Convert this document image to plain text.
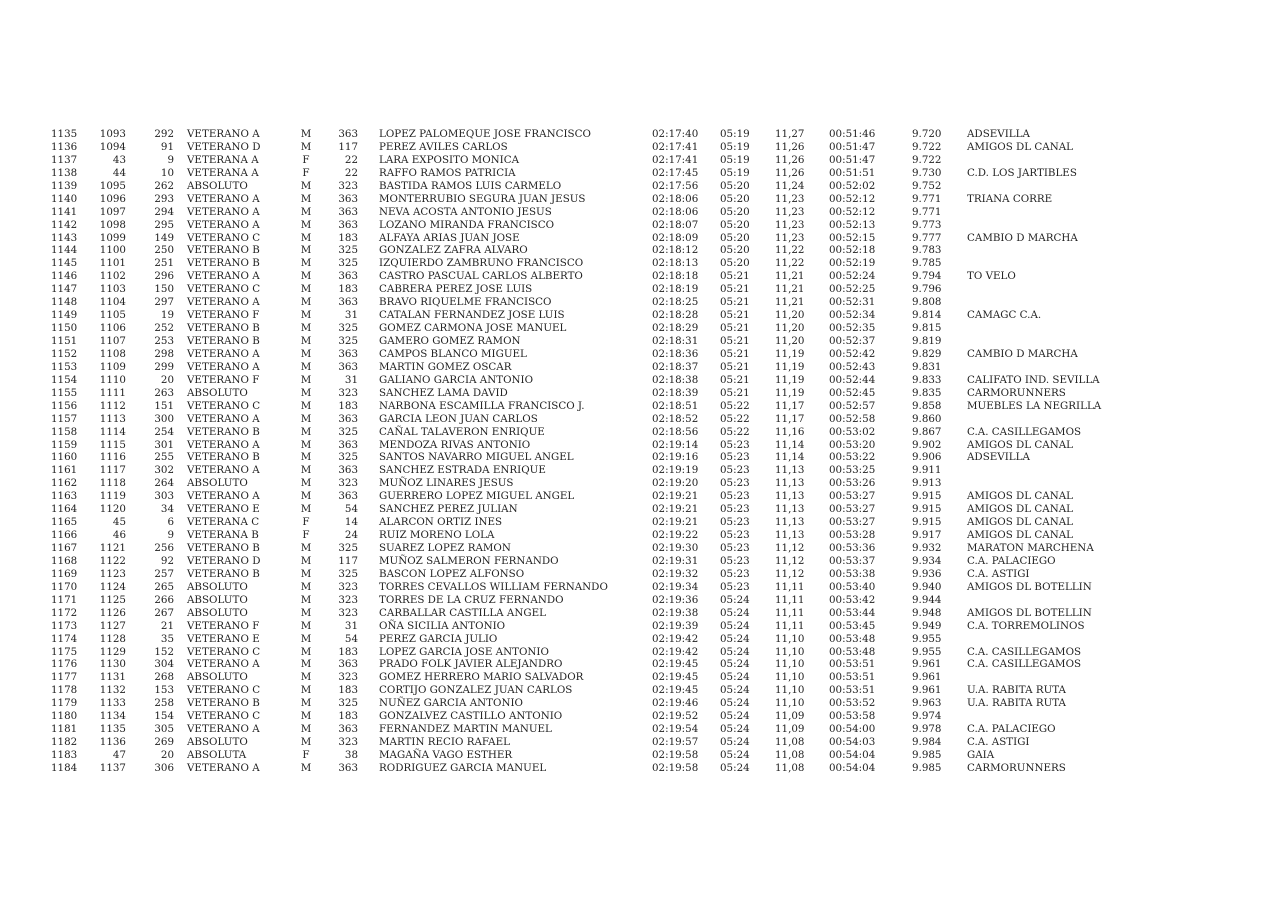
1135	1093	292 VETERANO A	M	363 LOPEZ PALOMEQUE JOSE FRANCISCO	02:17:40 05:19 11,27 00:51:46	9.720 ADSEVILLA
1136	1094	91 VETERANO D	M	117 PEREZ AVILES CARLOS	02:17:41 05:19 11,26 00:51:47	9.722 AMIGOS DL CANAL
1137	43	9 VETERANA A	F	22 LARA EXPOSITO MONICA	02:17:41 05:19 11,26 00:51:47	9.722
1138	44	10 VETERANA A	F	22 RAFFO RAMOS PATRICIA	02:17:45 05:19 11,26 00:51:51	9.730 C.D. LOS JARTIBLES
1139	1095	262 ABSOLUTO	M	323 BASTIDA RAMOS LUIS CARMELO	02:17:56 05:20 11,24 00:52:02	9.752
1140	1096	293 VETERANO A	M	363 MONTERRUBIO SEGURA JUAN JESUS	02:18:06 05:20 11,23 00:52:12	9.771 TRIANA CORRE
1141	1097	294 VETERANO A	M	363 NEVA ACOSTA ANTONIO JESUS	02:18:06 05:20 11,23 00:52:12	9.771
1142	1098	295 VETERANO A	M	363 LOZANO MIRANDA FRANCISCO	02:18:07 05:20 11,23 00:52:13	9.773
1143	1099	149 VETERANO C	M	183 ALFAYA ARIAS JUAN JOSE	02:18:09 05:20 11,23 00:52:15	9.777 CAMBIO D MARCHA
1144	1100	250 VETERANO B	M	325 GONZALEZ ZAFRA ALVARO	02:18:12 05:20 11,22 00:52:18	9.783
1145	1101	251 VETERANO B	M	325 IZQUIERDO ZAMBRUNO FRANCISCO	02:18:13 05:20 11,22 00:52:19	9.785
1146	1102	296 VETERANO A	M	363 CASTRO PASCUAL CARLOS ALBERTO	02:18:18 05:21 11,21 00:52:24	9.794 TO VELO
1147	1103	150 VETERANO C	M	183 CABRERA PEREZ JOSE LUIS	02:18:19 05:21 11,21 00:52:25	9.796
1148	1104	297 VETERANO A	M	363 BRAVO RIQUELME FRANCISCO	02:18:25 05:21 11,21 00:52:31	9.808
1149	1105	19 VETERANO F	M	31 CATALAN FERNANDEZ JOSE LUIS	02:18:28 05:21 11,20 00:52:34	9.814 CAMAGC C.A.
1150	1106	252 VETERANO B	M	325 GOMEZ CARMONA JOSE MANUEL	02:18:29 05:21 11,20 00:52:35	9.815
1151	1107	253 VETERANO B	M	325 GAMERO GOMEZ RAMON	02:18:31 05:21 11,20 00:52:37	9.819
1152	1108	298 VETERANO A	M	363 CAMPOS BLANCO MIGUEL	02:18:36 05:21 11,19 00:52:42	9.829 CAMBIO D MARCHA
1153	1109	299 VETERANO A	M	363 MARTIN GOMEZ OSCAR	02:18:37 05:21 11,19 00:52:43	9.831
1154	1110	20 VETERANO F	M	31 GALIANO GARCIA ANTONIO	02:18:38 05:21 11,19 00:52:44	9.833 CALIFATO IND. SEVILLA
1155	1111	263 ABSOLUTO	M	323 SANCHEZ LAMA DAVID	02:18:39 05:21 11,19 00:52:45	9.835 CARMORUNNERS
1156	1112	151 VETERANO C	M	183 NARBONA ESCAMILLA FRANCISCO J.	02:18:51 05:22 11,17 00:52:57	9.858 MUEBLES LA NEGRILLA
1157	1113	300 VETERANO A	M	363 GARCIA LEON JUAN CARLOS	02:18:52 05:22 11,17 00:52:58	9.860
1158	1114	254 VETERANO B	M	325 CAÑAL TALAVERON ENRIQUE	02:18:56 05:22 11,16 00:53:02	9.867 C.A. CASILLEGAMOS
1159	1115	301 VETERANO A	M	363 MENDOZA RIVAS ANTONIO	02:19:14 05:23 11,14 00:53:20	9.902 AMIGOS DL CANAL
1160	1116	255 VETERANO B	M	325 SANTOS NAVARRO MIGUEL ANGEL	02:19:16 05:23 11,14 00:53:22	9.906 ADSEVILLA
1161	1117	302 VETERANO A	M	363 SANCHEZ ESTRADA ENRIQUE	02:19:19 05:23 11,13 00:53:25	9.911
1162	1118	264 ABSOLUTO	M	323 MUÑOZ LINARES JESUS	02:19:20 05:23 11,13 00:53:26	9.913
1163	1119	303 VETERANO A	M	363 GUERRERO LOPEZ MIGUEL ANGEL	02:19:21 05:23 11,13 00:53:27	9.915 AMIGOS DL CANAL
1164	1120	34 VETERANO E	M	54 SANCHEZ PEREZ JULIAN	02:19:21 05:23 11,13 00:53:27	9.915 AMIGOS DL CANAL
1165	45	6 VETERANA C	F	14 ALARCON ORTIZ INES	02:19:21 05:23 11,13 00:53:27	9.915 AMIGOS DL CANAL
1166	46	9 VETERANA B	F	24 RUIZ MORENO LOLA	02:19:22 05:23 11,13 00:53:28	9.917 AMIGOS DL CANAL
1167	1121	256 VETERANO B	M	325 SUAREZ LOPEZ RAMON	02:19:30 05:23 11,12 00:53:36	9.932 MARATON MARCHENA
1168	1122	92 VETERANO D	M	117 MUÑOZ SALMERON FERNANDO	02:19:31 05:23 11,12 00:53:37	9.934 C.A. PALACIEGO
1169	1123	257 VETERANO B	M	325 BASCON LOPEZ ALFONSO	02:19:32 05:23 11,12 00:53:38	9.936 C.A. ASTIGI
1170	1124	265 ABSOLUTO	M	323 TORRES CEVALLOS WILLIAM FERNANDO	02:19:34 05:23 11,11 00:53:40	9.940 AMIGOS DL BOTELLIN
1171	1125	266 ABSOLUTO	M	323 TORRES DE LA CRUZ FERNANDO	02:19:36 05:24 11,11 00:53:42	9.944
1172	1126	267 ABSOLUTO	M	323 CARBALLAR CASTILLA ANGEL	02:19:38 05:24 11,11 00:53:44	9.948 AMIGOS DL BOTELLIN
1173	1127	21 VETERANO F	M	31 OÑA SICILIA ANTONIO	02:19:39 05:24 11,11 00:53:45	9.949 C.A. TORREMOLINOS
1174	1128	35 VETERANO E	M	54 PEREZ GARCIA JULIO	02:19:42 05:24 11,10 00:53:48	9.955
1175	1129	152 VETERANO C	M	183 LOPEZ GARCIA JOSE ANTONIO	02:19:42 05:24 11,10 00:53:48	9.955 C.A. CASILLEGAMOS
1176	1130	304 VETERANO A	M	363 PRADO FOLK JAVIER ALEJANDRO	02:19:45 05:24 11,10 00:53:51	9.961 C.A. CASILLEGAMOS
1177	1131	268 ABSOLUTO	M	323 GOMEZ HERRERO MARIO SALVADOR	02:19:45 05:24 11,10 00:53:51	9.961
1178	1132	153 VETERANO C	M	183 CORTIJO GONZALEZ JUAN CARLOS	02:19:45 05:24 11,10 00:53:51	9.961 U.A. RABITA RUTA
1179	1133	258 VETERANO B	M	325 NUÑEZ GARCIA ANTONIO	02:19:46 05:24 11,10 00:53:52	9.963 U.A. RABITA RUTA
1180	1134	154 VETERANO C	M	183 GONZALVEZ CASTILLO ANTONIO	02:19:52 05:24 11,09 00:53:58	9.974
1181	1135	305 VETERANO A	M	363 FERNANDEZ MARTIN MANUEL	02:19:54 05:24 11,09 00:54:00	9.978 C.A. PALACIEGO
1182	1136	269 ABSOLUTO	M	323 MARTIN RECIO RAFAEL	02:19:57 05:24 11,08 00:54:03	9.984 C.A. ASTIGI
1183	47	20 ABSOLUTA	F	38 MAGAÑA VAGO ESTHER	02:19:58 05:24 11,08 00:54:04	9.985 GAIA
1184	1137	306 VETERANO A	M	363 RODRIGUEZ GARCIA MANUEL	02:19:58 05:24 11,08 00:54:04	9.985 CARMORUNNERS
